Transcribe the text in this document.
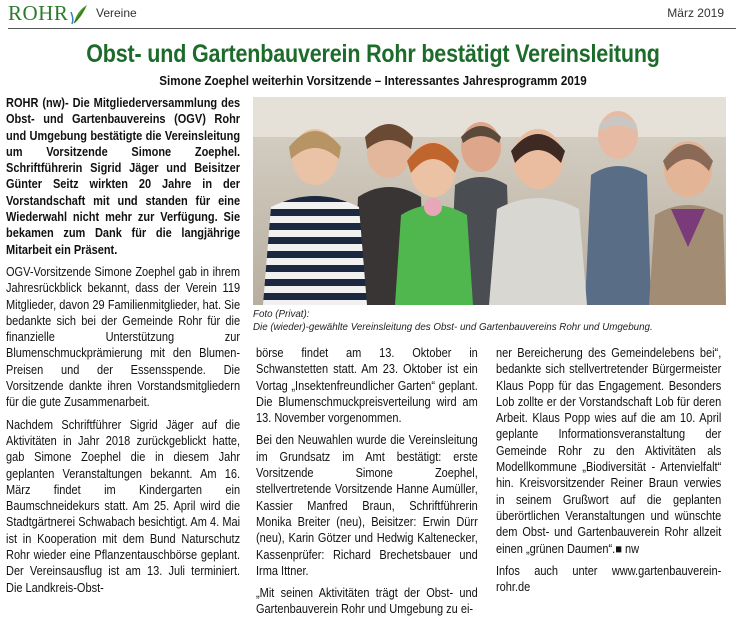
ROHR Vereine	März 2019
Obst- und Gartenbauverein Rohr bestätigt Vereinsleitung
Simone Zoephel weiterhin Vorsitzende – Interessantes Jahresprogramm 2019

ROHR (nw)- Die Mitgliederversammlung des Obst- und Gartenbauvereins (OGV) Rohr und Umgebung bestätigte die Vereinsleitung um Vorsitzende Simone Zoephel. Schriftführerin Sigrid Jäger und Beisitzer Günter Seitz wirkten 20 Jahre in der Vorstandschaft mit und standen für eine Wiederwahl nicht mehr zur Verfügung. Sie bekamen zum Dank für die langjährige Mitarbeit ein Präsent.

OGV-Vorsitzende Simone Zoephel gab in ihrem Jahresrückblick bekannt, dass der Verein 119 Mitglieder, davon 29 Familienmitglieder, hat. Sie bedankte sich bei der Gemeinde Rohr für die finanzielle Unterstützung zur Blumenschmuckprämierung mit den Blumen-Preisen und der Essensspende. Die Vorsitzende dankte ihren Vorstandsmitgliedern für die gute Zusammenarbeit.

Nachdem Schriftführer Sigrid Jäger auf die Aktivitäten in Jahr 2018 zurückgeblickt hatte, gab Simone Zoephel die in diesem Jahr geplanten Veranstaltungen bekannt. Am 16. März findet im Kindergarten ein Baumschneidekurs statt. Am 25. April wird die Stadtgärtnerei Schwabach besichtigt. Am 4. Mai ist in Kooperation mit dem Bund Naturschutz Rohr wieder eine Pflanzentauschbörse geplant. Der Vereinsausflug ist am 13. Juli terminiert. Die Landkreis-Obst-

Foto (Privat):
Die (wieder)-gewählte Vereinsleitung des Obst- und Gartenbauvereins Rohr und Umgebung.

börse findet am 13. Oktober in Schwanstetten statt. Am 23. Oktober ist ein Vortag „Insektenfreundlicher Garten“ geplant. Die Blumenschmuckpreisverteilung wird am 13. November vorgenommen.

Bei den Neuwahlen wurde die Vereinsleitung im Grundsatz im Amt bestätigt: erste Vorsitzende Simone Zoephel, stellvertretende Vorsitzende Hanne Aumüller, Kassier Manfred Braun, Schriftführerin Monika Breiter (neu), Beisitzer: Erwin Dürr (neu), Karin Götzer und Hedwig Kaltenecker, Kassenprüfer: Richard Brechetsbauer und Irma Ittner.

„Mit seinen Aktivitäten trägt der Obst- und Gartenbauverein Rohr und Umgebung zu ei-

ner Bereicherung des Gemeindelebens bei“, bedankte sich stellvertretender Bürgermeister Klaus Popp für das Engagement. Besonders Lob zollte er der Vorstandschaft Lob für deren Arbeit. Klaus Popp wies auf die am 10. April geplante Informationsveranstaltung der Gemeinde Rohr zu den Aktivitäten als Modellkommune „Biodiversität - Artenvielfalt“ hin. Kreisvorsitzender Reiner Braun verwies in seinem Grußwort auf die geplanten überörtlichen Veranstaltungen und wünschte dem Obst- und Gartenbauverein Rohr allzeit einen „grünen Daumen“.■ nw

Infos auch unter www.gartenbauverein-rohr.de
